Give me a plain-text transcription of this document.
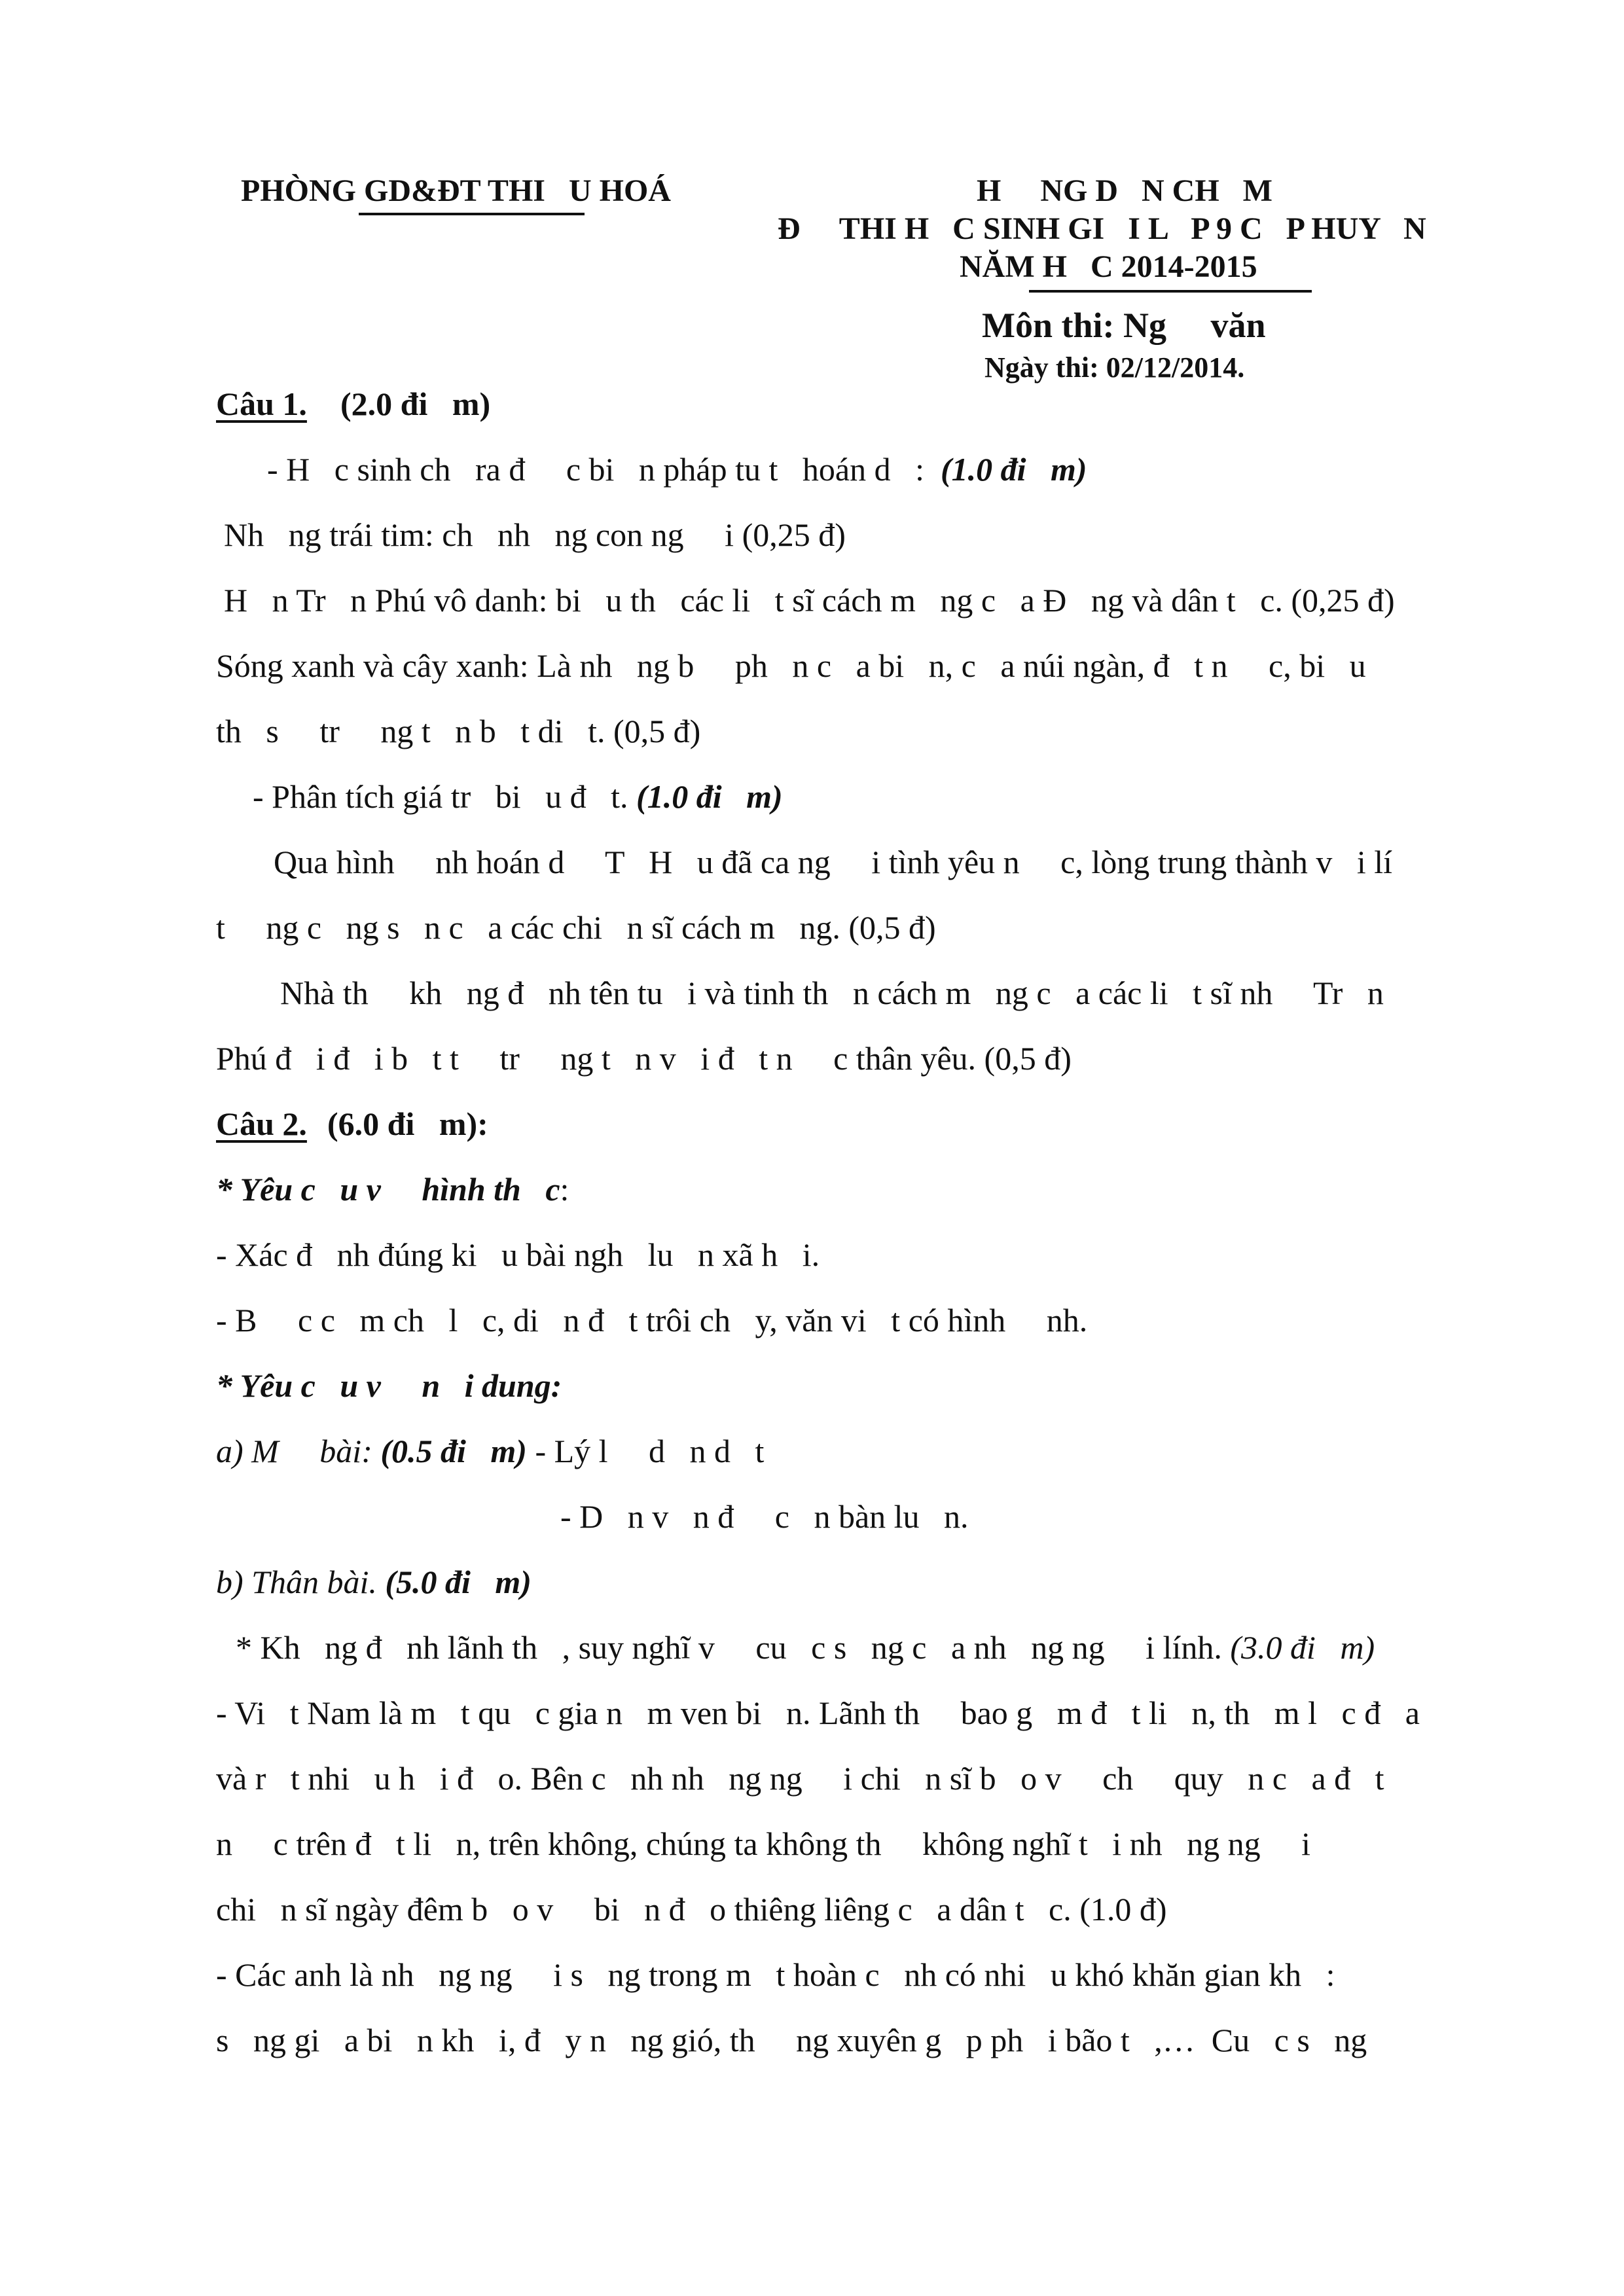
PHÒNG GD&ĐT THI   U HOÁ	H     NG D   N CH   M
Đ     THI H   C SINH GI   I L   P 9 C   P HUY   N
NĂM H   C 2014-2015
Môn thi: Ng     văn
Ngày thi: 02/12/2014.
Câu 1. (2.0 đi   m)
- H   c sinh ch   ra đ     c bi   n pháp tu t   hoán d   : (1.0 đi   m)
Nh   ng trái tim: ch   nh   ng con ng     i (0,25 đ)
H   n Tr   n Phú vô danh: bi   u th   các li   t sĩ cách m   ng c   a Đ   ng và dân t   c. (0,25 đ)
Sóng xanh và cây xanh: Là nh   ng b     ph   n c   a bi   n, c   a núi ngàn, đ   t n     c, bi   u
th   s     tr     ng t   n b   t di   t. (0,5 đ)
- Phân tích giá tr   bi   u đ   t. (1.0 đi   m)
Qua hình     nh hoán d     T   H   u đã ca ng     i tình yêu n     c, lòng trung thành v   i lí
t     ng c   ng s   n c   a các chi   n sĩ cách m   ng. (0,5 đ)
Nhà th     kh   ng đ   nh tên tu   i và tinh th   n cách m   ng c   a các li   t sĩ nh     Tr   n
Phú đ   i đ   i b   t t     tr     ng t   n v   i đ   t n     c thân yêu. (0,5 đ)
Câu 2. (6.0 đi   m):
* Yêu c   u v     hình th   c:
- Xác đ   nh đúng ki   u bài ngh   lu   n xã h   i.
- B     c c   m ch   l   c, di   n đ   t trôi ch   y, văn vi   t có hình     nh.
* Yêu c   u v     n   i dung:
a) M     bài: (0.5 đi   m) - Lý l     d   n d   t
- D   n v   n đ     c   n bàn lu   n.
b) Thân bài. (5.0 đi   m)
* Kh   ng đ   nh lãnh th   , suy nghĩ v     cu   c s   ng c   a nh   ng ng     i lính. (3.0 đi   m)
- Vi   t Nam là m   t qu   c gia n   m ven bi   n. Lãnh th     bao g   m đ   t li   n, th   m l   c đ   a
và r   t nhi   u h   i đ   o. Bên c   nh nh   ng ng     i chi   n sĩ b   o v     ch     quy   n c   a đ   t
n     c trên đ   t li   n, trên không, chúng ta không th     không nghĩ t   i nh   ng ng     i
chi   n sĩ ngày đêm b   o v     bi   n đ   o thiêng liêng c   a dân t   c. (1.0 đ)
- Các anh là nh   ng ng     i s   ng trong m   t hoàn c   nh có nhi   u khó khăn gian kh   :
s   ng gi   a bi   n kh   i, đ   y n   ng gió, th     ng xuyên g   p ph   i bão t   ,…  Cu   c s   ng
